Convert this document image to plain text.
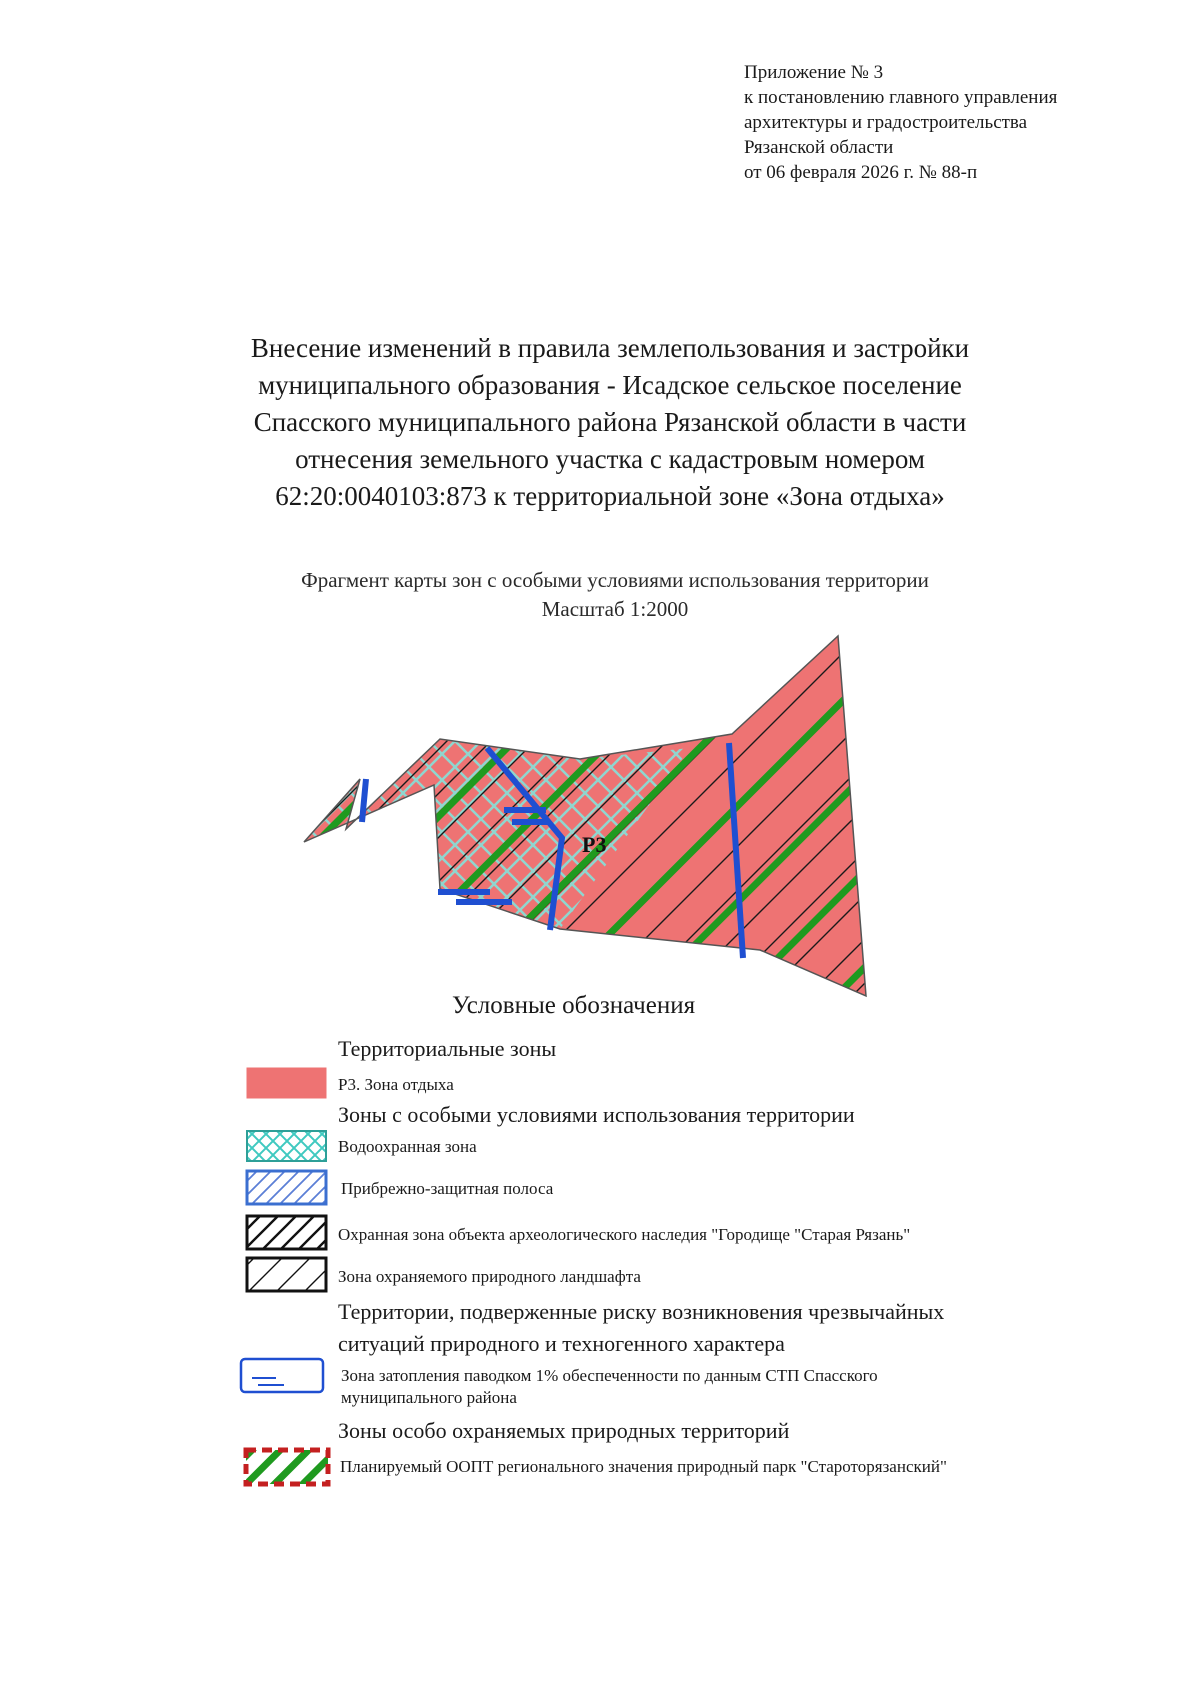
Приложение № 3
к постановлению главного управления
архитектуры и градостроительства
Рязанской области
от 06 февраля 2026 г. № 88-п
Внесение изменений в правила землепользования и застройки
муниципального образования - Исадское сельское поселение
Спасского муниципального района Рязанской области в части
отнесения земельного участка с кадастровым номером
62:20:0040103:873 к территориальной зоне «Зона отдыха»
Фрагмент карты зон с особыми условиями использования территории
Масштаб 1:2000
Р3
Условные обозначения
Территориальные зоны
Р3. Зона отдыха
Зоны с особыми условиями использования территории
Водоохранная зона
Прибрежно-защитная полоса
Охранная зона объекта археологического наследия "Городище "Старая Рязань"
Зона охраняемого природного ландшафта
Территории, подверженные риску возникновения чрезвычайных
ситуаций природного и техногенного характера
Зона затопления паводком 1% обеспеченности по данным СТП Спасского
муниципального района
Зоны особо охраняемых природных территорий
Планируемый ООПТ регионального значения природный парк "Староторязанский"
